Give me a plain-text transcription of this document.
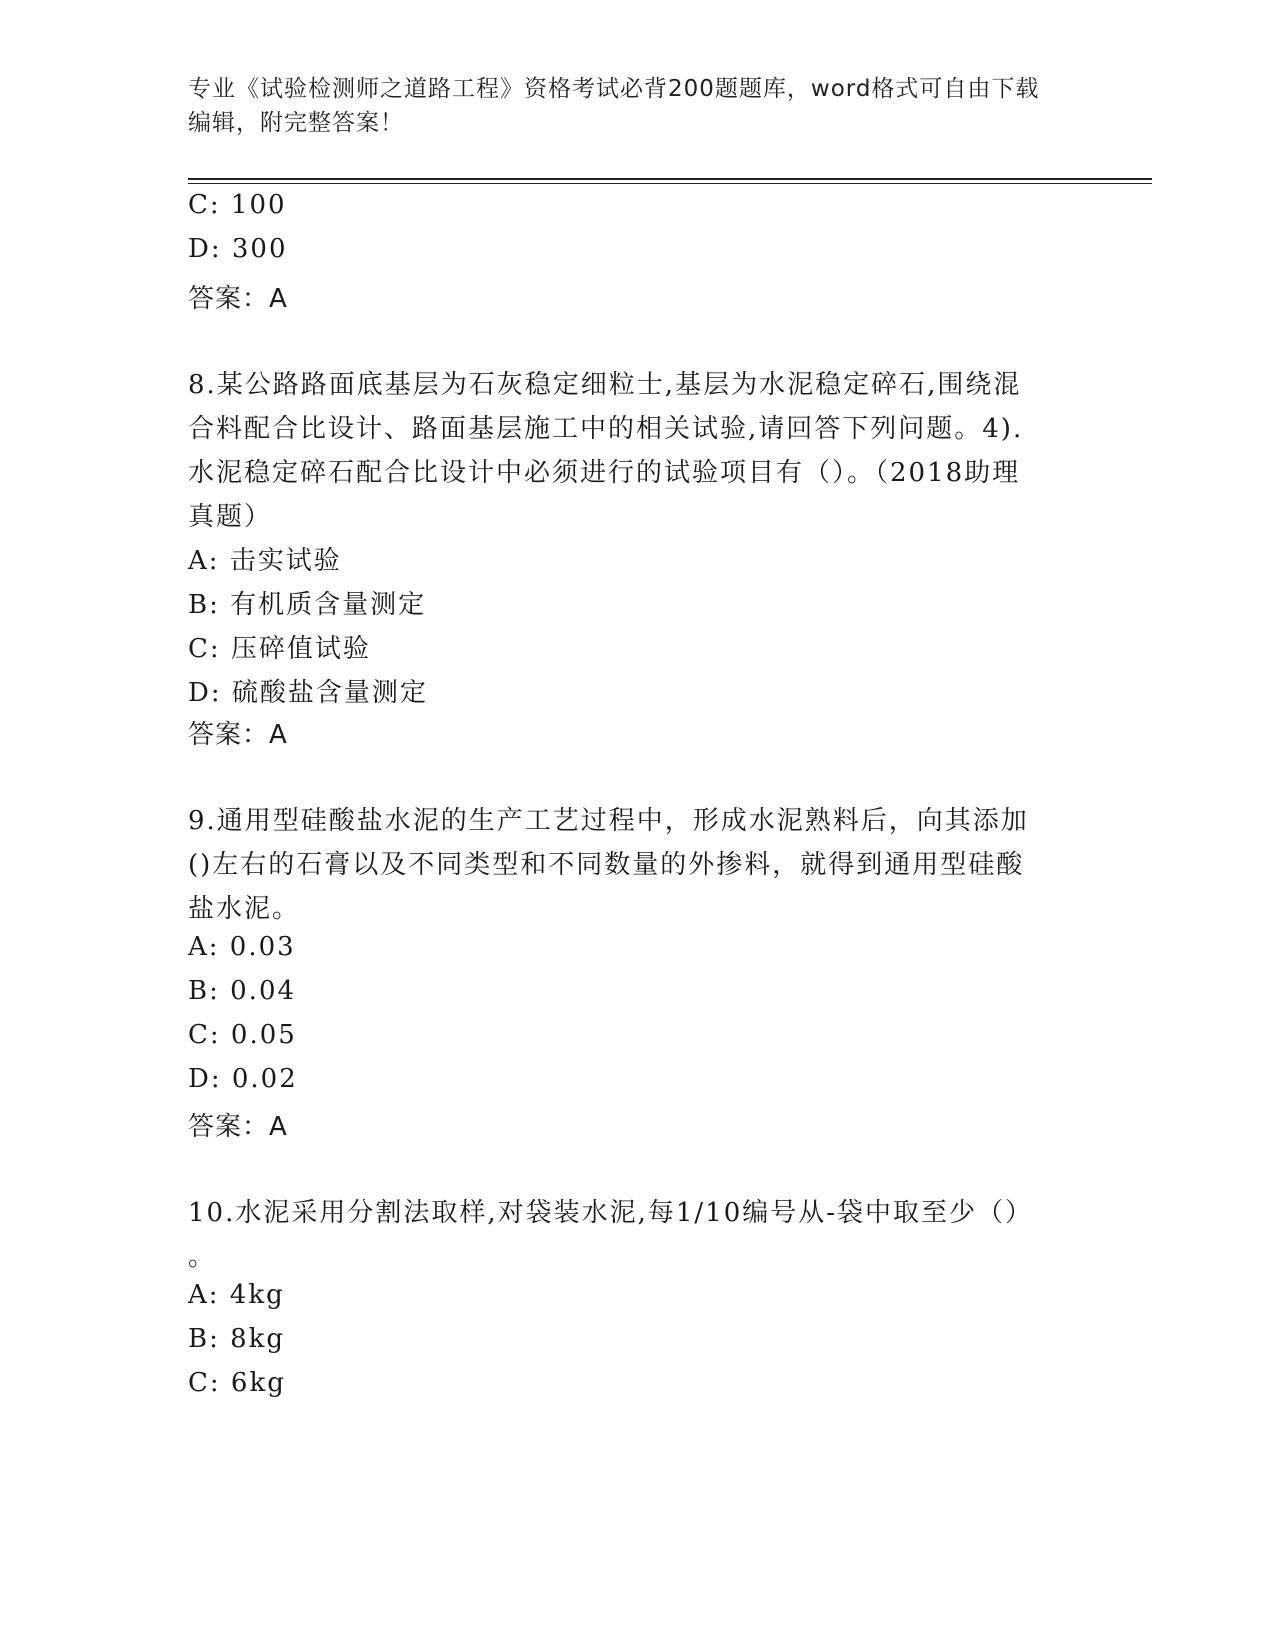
专业《试验检测师之道路工程》资格考试必背200题题库，word格式可自由下载
编辑，附完整答案！
C: 100
D: 300
答案：A
8.某公路路面底基层为石灰稳定细粒士,基层为水泥稳定碎石,围绕混
合料配合比设计、路面基层施工中的相关试验,请回答下列问题。4).
水泥稳定碎石配合比设计中必须进行的试验项目有（）。（2018助理
真题）
A: 击实试验
B: 有机质含量测定
C: 压碎值试验
D: 硫酸盐含量测定
答案：A
9.通用型硅酸盐水泥的生产工艺过程中，形成水泥熟料后，向其添加
()左右的石膏以及不同类型和不同数量的外掺料，就得到通用型硅酸
盐水泥。
A: 0.03
B: 0.04
C: 0.05
D: 0.02
答案：A
10.水泥采用分割法取样,对袋装水泥,每1/10编号从-袋中取至少（）
。
A: 4kg
B: 8kg
C: 6kg
